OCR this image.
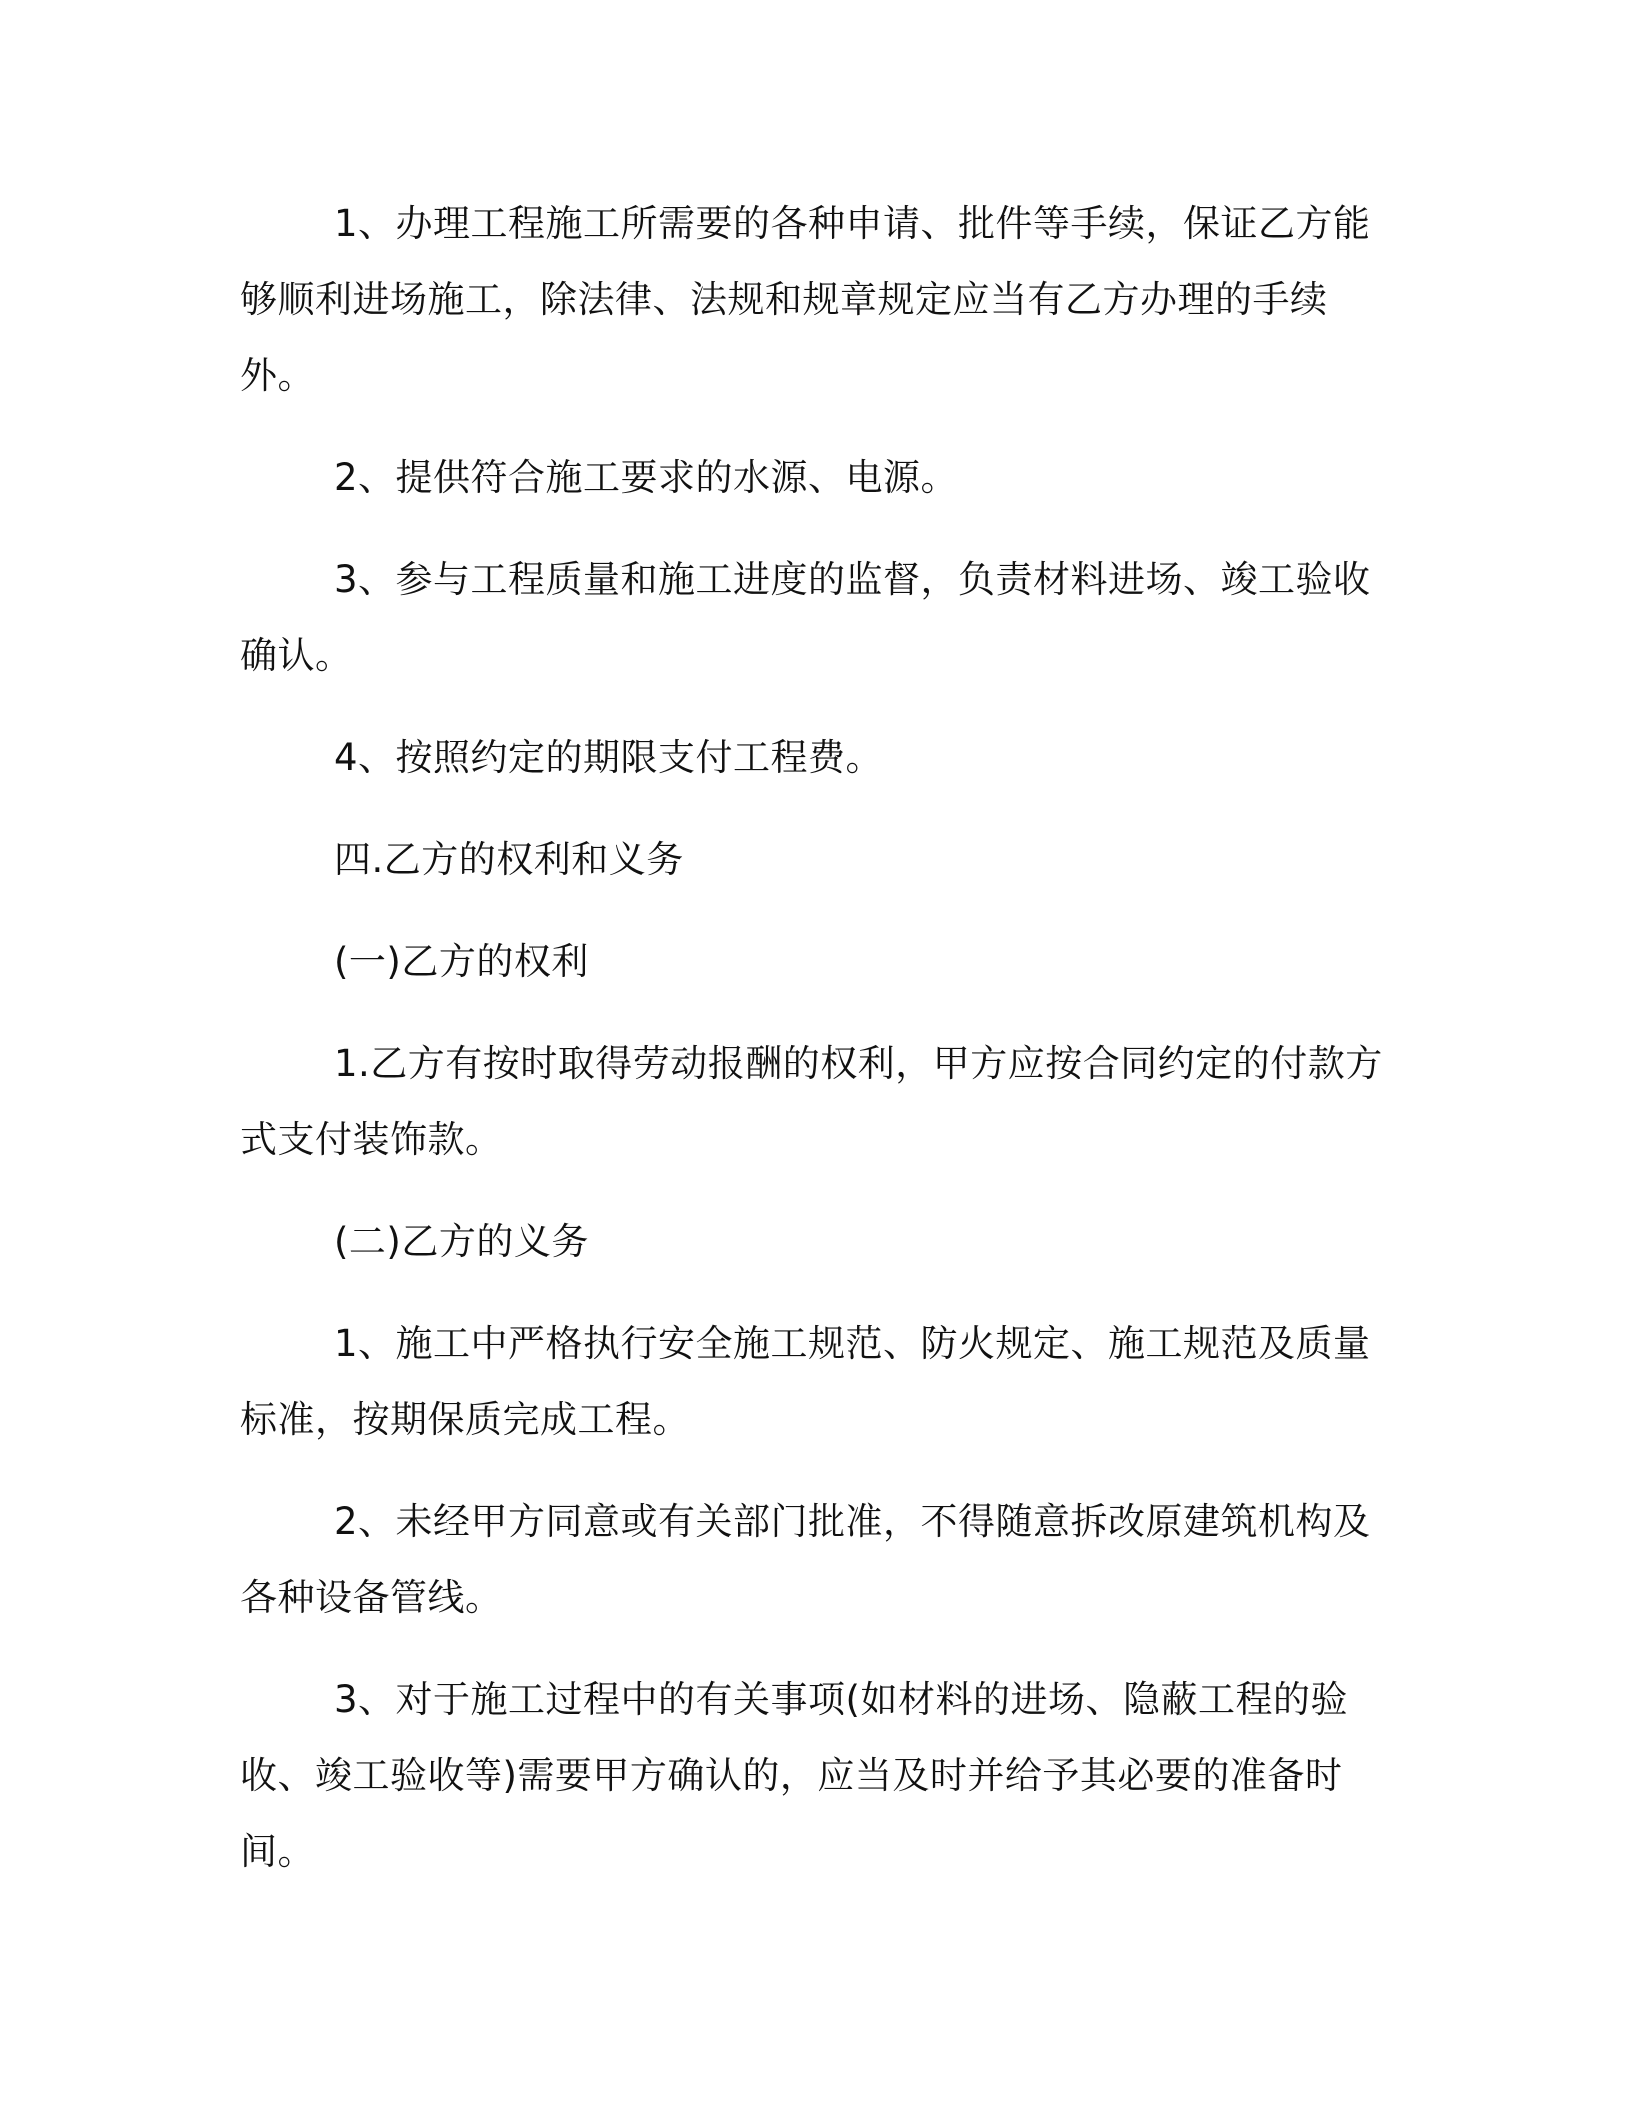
1、办理工程施工所需要的各种申请、批件等手续，保证乙方能够顺利进场施工，除法律、法规和规章规定应当有乙方办理的手续外。

2、提供符合施工要求的水源、电源。

3、参与工程质量和施工进度的监督，负责材料进场、竣工验收确认。

4、按照约定的期限支付工程费。

四.乙方的权利和义务

(一)乙方的权利

1.乙方有按时取得劳动报酬的权利，甲方应按合同约定的付款方式支付装饰款。

(二)乙方的义务

1、施工中严格执行安全施工规范、防火规定、施工规范及质量标准，按期保质完成工程。

2、未经甲方同意或有关部门批准，不得随意拆改原建筑机构及各种设备管线。

3、对于施工过程中的有关事项(如材料的进场、隐蔽工程的验收、竣工验收等)需要甲方确认的，应当及时并给予其必要的准备时间。
